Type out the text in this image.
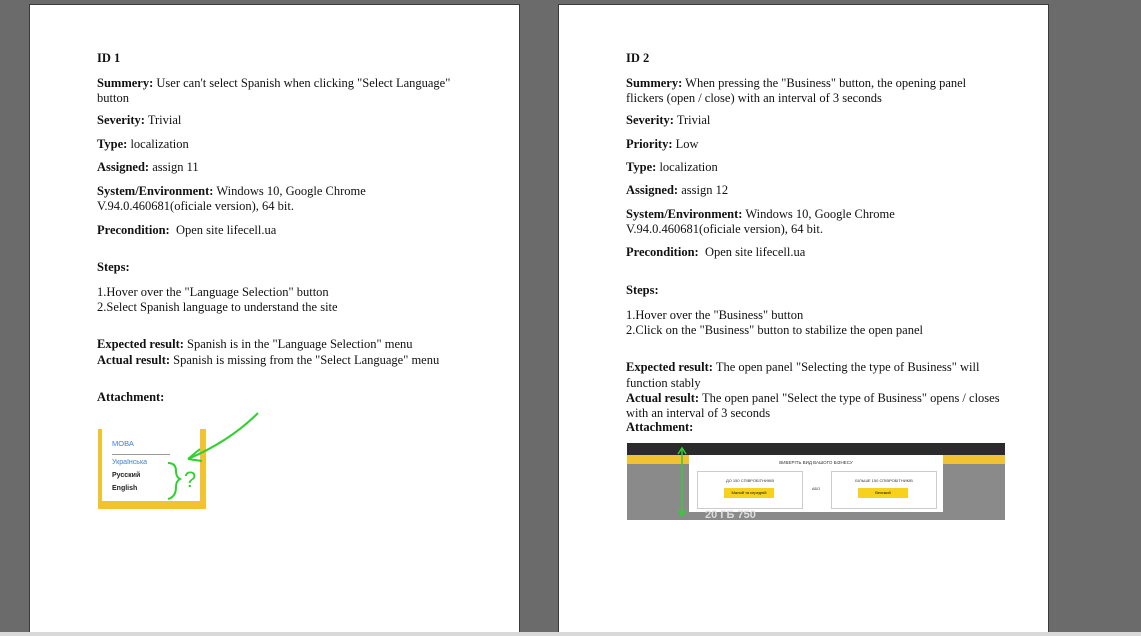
ID 1
Summery: User can't select Spanish when clicking "Select Language" button
Severity: Trivial
Type: localization
Assigned: assign 11
System/Environment: Windows 10, Google Chrome
V.94.0.460681(oficiale version), 64 bit.
Precondition: Open site lifecell.ua
Steps:
1.Hover over the "Language Selection" button
2.Select Spanish language to understand the site
Expected result: Spanish is in the "Language Selection" menu
Actual result: Spanish is missing from the "Select Language" menu
Attachment:
МОВА
Українська
Русский
English ?
ID 2
Summery: When pressing the "Business" button, the opening panel
flickers (open / close) with an interval of 3 seconds
Severity: Trivial
Priority: Low
Type: localization
Assigned: assign 12
System/Environment: Windows 10, Google Chrome
V.94.0.460681(oficiale version), 64 bit.
Precondition: Open site lifecell.ua
Steps:
1.Hover over the "Business" button
2.Click on the "Business" button to stabilize the open panel
Expected result: The open panel "Selecting the type of Business" will
function stably
Actual result: The open panel "Select the type of Business" opens / closes
with an interval of 3 seconds
Attachment:
ВИБЕРІТЬ ВИД ВАШОГО БІЗНЕСУ
ДО 150 СПІВРОБІТНИКІВ
Малий та середній
АБО
БІЛЬШЕ 150 СПІВРОБІТНИКІВ
Великий
20 ГБ 750
